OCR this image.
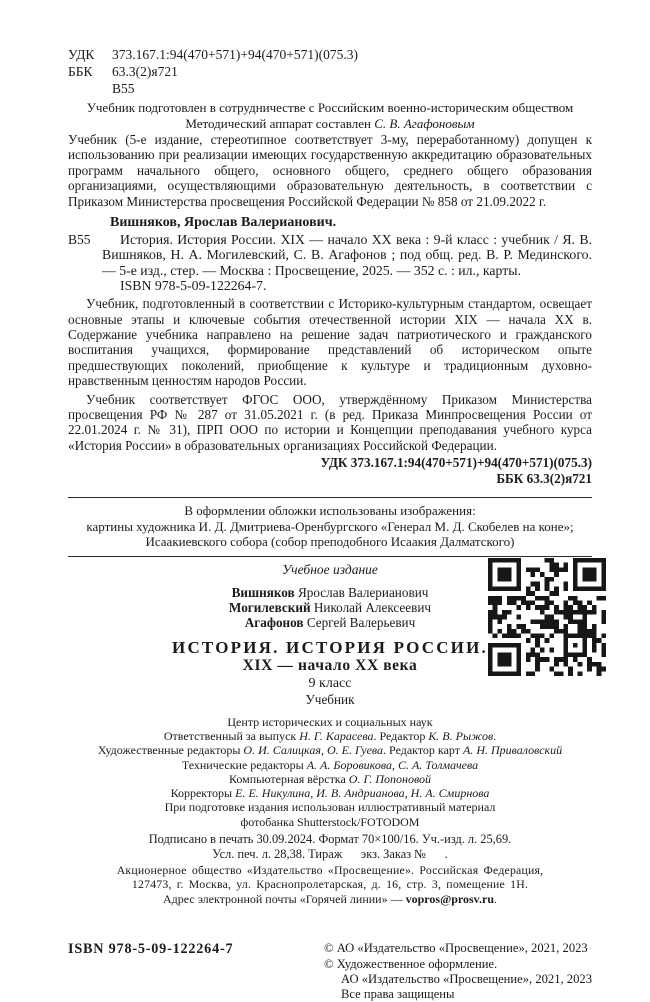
УДК	373.167.1:94(470+571)+94(470+571)(075.3)
ББК	63.3(2)я721
В55
Учебник подготовлен в сотрудничестве с Российским военно-историческим обществом
Методический аппарат составлен С. В. Агафоновым
Учебник (5-е издание, стереотипное соответствует 3-му, переработанному) допущен к использованию при реализации имеющих государственную аккредитацию образовательных программ начального общего, основного общего, среднего общего образования организациями, осуществляющими образовательную деятельность, в соответствии с Приказом Министерства просвещения Российской Федерации № 858 от 21.09.2022 г.
Вишняков, Ярослав Валерианович.
В55	История. История России. XIX — начало XX века : 9-й класс : учебник / Я. В. Вишняков, Н. А. Могилевский, С. В. Агафонов ; под общ. ред. В. Р. Мединского. — 5-е изд., стер. — Москва : Просвещение, 2025. — 352 с. : ил., карты.
ISBN 978-5-09-122264-7.
Учебник, подготовленный в соответствии с Историко-культурным стандартом, освещает основные этапы и ключевые события отечественной истории XIX — начала XX в. Содержание учебника направлено на решение задач патриотического и гражданского воспитания учащихся, формирование представлений об историческом опыте предшествующих поколений, приобщение к культуре и традиционным духовно-нравственным ценностям народов России.
Учебник соответствует ФГОС ООО, утверждённому Приказом Министерства просвещения РФ № 287 от 31.05.2021 г. (в ред. Приказа Минпросвещения России от 22.01.2024 г. № 31), ПРП ООО по истории и Концепции преподавания учебного курса «История России» в образовательных организациях Российской Федерации.
УДК 373.167.1:94(470+571)+94(470+571)(075.3)
ББК 63.3(2)я721
В оформлении обложки использованы изображения:
картины художника И. Д. Дмитриева-Оренбургского «Генерал М. Д. Скобелев на коне»;
Исаакиевского собора (собор преподобного Исаакия Далматского)
Учебное издание
Вишняков Ярослав Валерианович
Могилевский Николай Алексеевич
Агафонов Сергей Валерьевич
ИСТОРИЯ. ИСТОРИЯ РОССИИ.
XIX — начало XX века
9 класс
Учебник
Центр исторических и социальных наук
Ответственный за выпуск Н. Г. Карасева. Редактор К. В. Рыжов.
Художественные редакторы О. И. Салицкая, О. Е. Гуева. Редактор карт А. Н. Приваловский
Технические редакторы А. А. Боровикова, С. А. Толмачева
Компьютерная вёрстка О. Г. Попоновой
Корректоры Е. Е. Никулина, И. В. Андрианова, Н. А. Смирнова
При подготовке издания использован иллюстративный материал
фотобанка Shutterstock/FOTODOM
Подписано в печать 30.09.2024. Формат 70×100/16. Уч.-изд. л. 25,69.
Усл. печ. л. 28,38. Тираж      экз. Заказ №      .
Акционерное общество «Издательство «Просвещение». Российская Федерация,
127473, г. Москва, ул. Краснопролетарская, д. 16, стр. 3, помещение 1Н.
Адрес электронной почты «Горячей линии» — vopros@prosv.ru.
ISBN 978-5-09-122264-7	© АО «Издательство «Просвещение», 2021, 2023
© Художественное оформление.
АО «Издательство «Просвещение», 2021, 2023
Все права защищены
